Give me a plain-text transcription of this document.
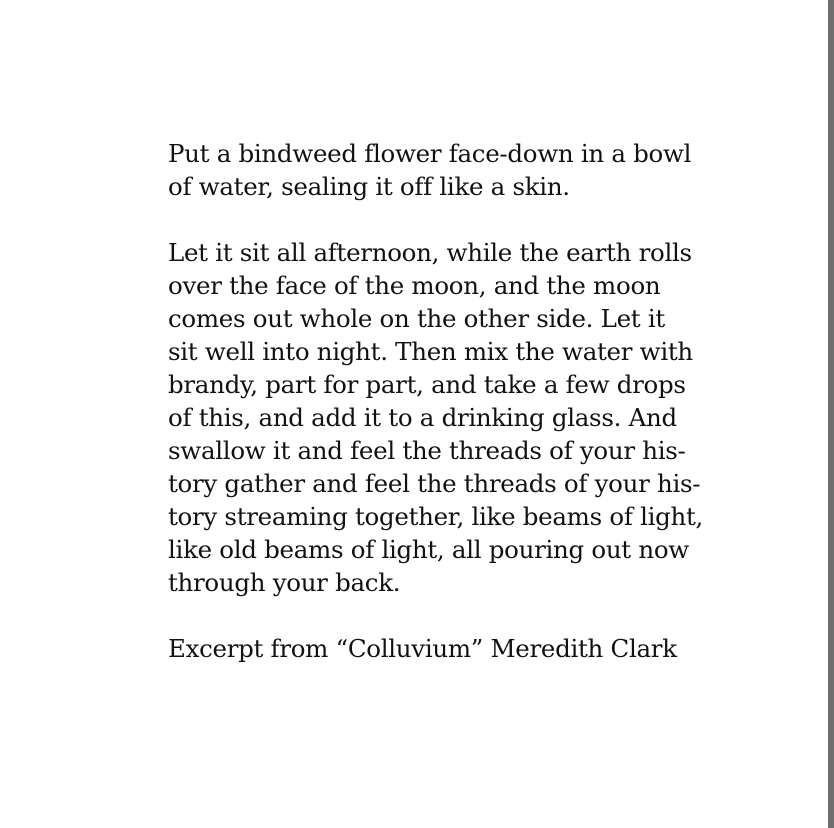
Put a bindweed flower face-down in a bowl
of water, sealing it off like a skin.
Let it sit all afternoon, while the earth rolls
over the face of the moon, and the moon
comes out whole on the other side. Let it
sit well into night. Then mix the water with
brandy, part for part, and take a few drops
of this, and add it to a drinking glass. And
swallow it and feel the threads of your his-
tory gather and feel the threads of your his-
tory streaming together, like beams of light,
like old beams of light, all pouring out now
through your back.
Excerpt from “Colluvium” Meredith Clark
